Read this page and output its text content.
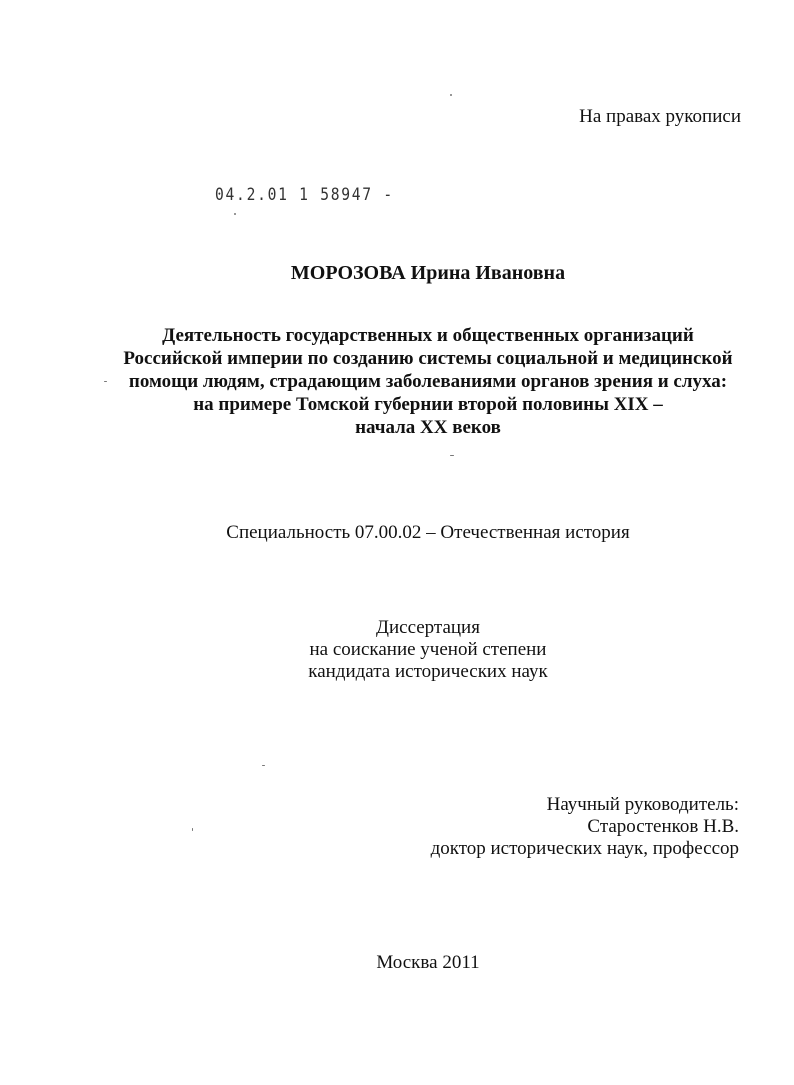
На правах рукописи
04.2.01 1 58947 -
МОРОЗОВА Ирина Ивановна
Деятельность государственных и общественных организаций
Российской империи по созданию системы социальной и медицинской
помощи людям, страдающим заболеваниями органов зрения и слуха:
на примере Томской губернии второй половины XIX –
начала XX веков
Специальность 07.00.02 – Отечественная история
Диссертация
на соискание ученой степени
кандидата исторических наук
Научный руководитель:
Старостенков Н.В.
доктор исторических наук, профессор
Москва 2011
